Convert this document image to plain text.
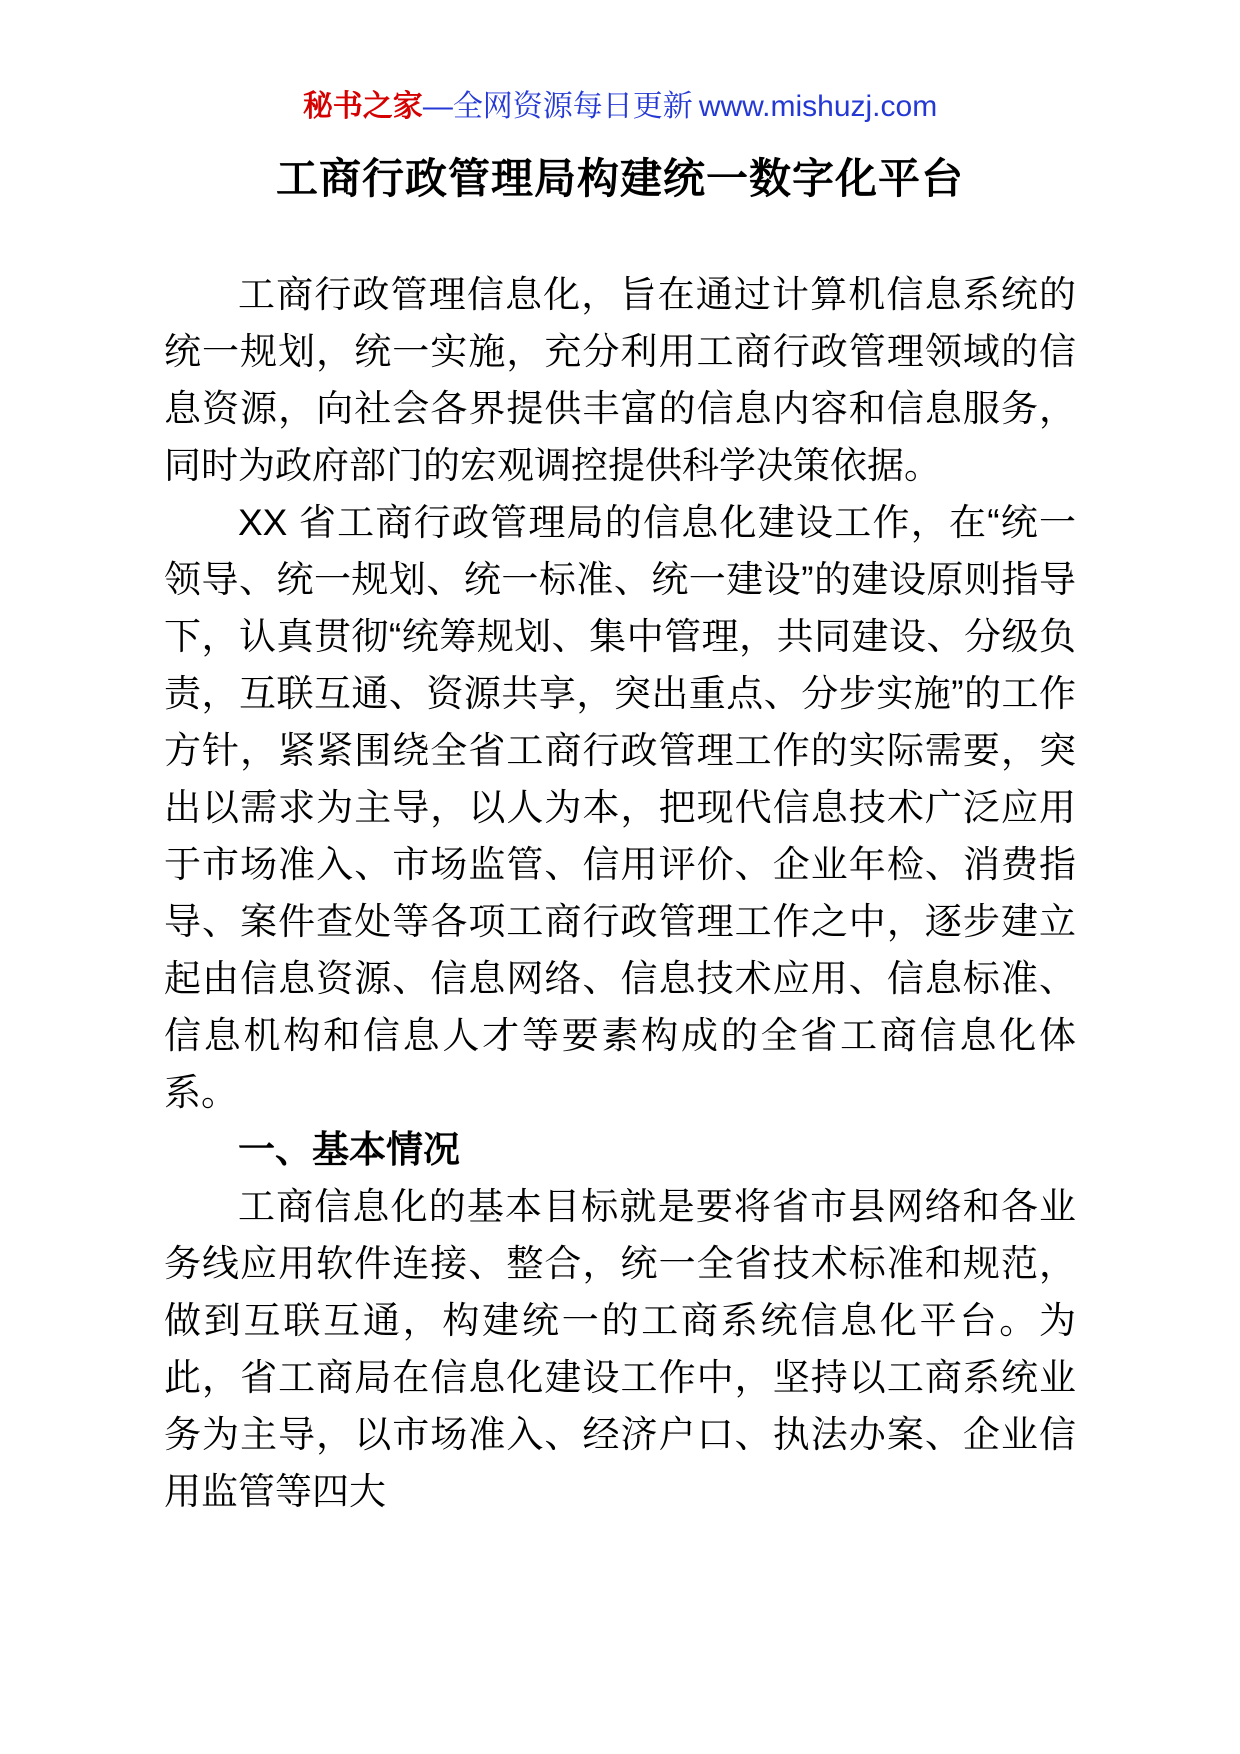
秘书之家—全网资源每日更新 www.mishuzj.com
工商行政管理局构建统一数字化平台

工商行政管理信息化，旨在通过计算机信息系统的统一规划，统一实施，充分利用工商行政管理领域的信息资源，向社会各界提供丰富的信息内容和信息服务，同时为政府部门的宏观调控提供科学决策依据。

XX 省工商行政管理局的信息化建设工作，在“统一领导、统一规划、统一标准、统一建设”的建设原则指导下，认真贯彻“统筹规划、集中管理，共同建设、分级负责，互联互通、资源共享，突出重点、分步实施”的工作方针，紧紧围绕全省工商行政管理工作的实际需要，突出以需求为主导，以人为本，把现代信息技术广泛应用于市场准入、市场监管、信用评价、企业年检、消费指导、案件查处等各项工商行政管理工作之中，逐步建立起由信息资源、信息网络、信息技术应用、信息标准、信息机构和信息人才等要素构成的全省工商信息化体系。

一、基本情况

工商信息化的基本目标就是要将省市县网络和各业务线应用软件连接、整合，统一全省技术标准和规范，做到互联互通，构建统一的工商系统信息化平台。为此，省工商局在信息化建设工作中，坚持以工商系统业务为主导，以市场准入、经济户口、执法办案、企业信用监管等四大
